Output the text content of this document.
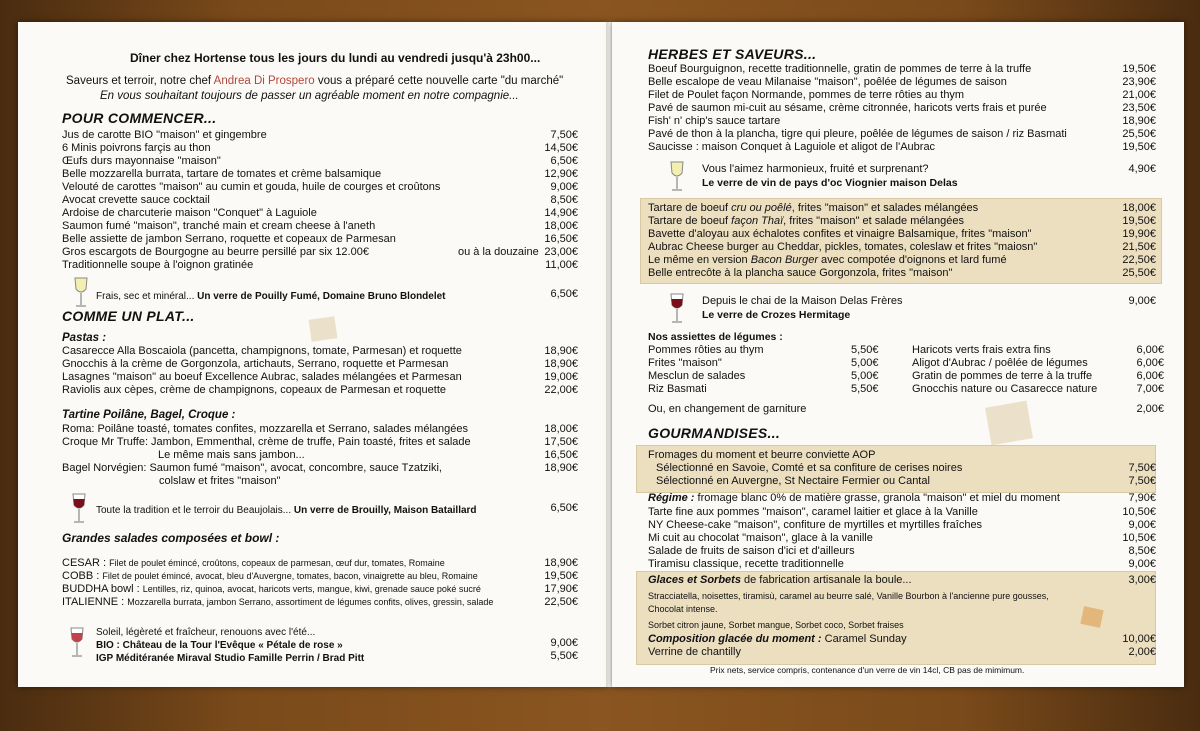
Dîner chez Hortense tous les jours du lundi au vendredi jusqu'à 23h00...
Saveurs et terroir, notre chef Andrea Di Prospero vous a préparé cette nouvelle carte "du marché"
En vous souhaitant toujours de passer un agréable moment en notre compagnie...
POUR COMMENCER...
Jus de carotte BIO "maison" et gingembre	7,50€
6 Minis poivrons farçis au thon	14,50€
Œufs durs mayonnaise "maison"	6,50€
Belle mozzarella burrata, tartare de tomates et crème balsamique	12,90€
Velouté de carottes "maison" au cumin et gouda, huile de courges et croûtons	9,00€
Avocat crevette sauce cocktail	8,50€
Ardoise de charcuterie maison "Conquet" à Laguiole	14,90€
Saumon fumé "maison", tranché main et cream cheese à l'aneth	18,00€
Belle assiette de jambon Serrano, roquette et copeaux de Parmesan	16,50€
Gros escargots de Bourgogne au beurre persillé par six 12.00€	ou à la douzaine 23,00€
Traditionnelle soupe à l'oignon gratinée	11,00€
Frais, sec et minéral... Un verre de Pouilly Fumé, Domaine Bruno Blondelet	6,50€
COMME UN PLAT...
Pastas :
Casarecce Alla Boscaiola (pancetta, champignons, tomate, Parmesan) et roquette	18,90€
Gnocchis à la crème de Gorgonzola, artichauts, Serrano, roquette et Parmesan	18,90€
Lasagnes "maison" au boeuf Excellence Aubrac, salades mélangées et Parmesan	19,00€
Raviolis aux cèpes, crème de champignons, copeaux de Parmesan et roquette	22,00€
Tartine Poilâne, Bagel, Croque :
Roma: Poilâne toasté, tomates confites, mozzarella et Serrano, salades mélangées	18,00€
Croque Mr Truffe: Jambon, Emmenthal, crème de truffe, Pain toasté, frites et salade	17,50€
Le même mais sans jambon...	16,50€
Bagel Norvégien: Saumon fumé "maison", avocat, concombre, sauce Tzatziki,	18,90€
colslaw et frites "maison"
Toute la tradition et le terroir du Beaujolais... Un verre de Brouilly, Maison Bataillard	6,50€
Grandes salades composées et bowl :
CESAR : Filet de poulet émincé, croûtons, copeaux de parmesan, œuf dur, tomates, Romaine	18,90€
COBB : Filet de poulet émincé, avocat, bleu d'Auvergne, tomates, bacon, vinaigrette au bleu, Romaine	19,50€
BUDDHA bowl : Lentilles, riz, quinoa, avocat, haricots verts, mangue, kiwi, grenade sauce poké sucré	17,90€
ITALIENNE : Mozzarella burrata, jambon Serrano, assortiment de légumes confits, olives, gressin, salade	22,50€
Soleil, légèreté et fraîcheur, renouons avec l'été...
BIO : Château de la Tour l'Evêque « Pétale de rose »	9,00€
IGP Méditéranée Miraval Studio Famille Perrin / Brad Pitt	5,50€
HERBES ET SAVEURS...
Boeuf Bourguignon, recette traditionnelle, gratin de pommes de terre à la truffe	19,50€
Belle escalope de veau Milanaise "maison", poêlée de légumes de saison	23,90€
Filet de Poulet façon Normande, pommes de terre rôties au thym	21,00€
Pavé de saumon mi-cuit au sésame, crème citronnée, haricots verts frais et purée	23,50€
Fish' n' chip's sauce tartare	18,90€
Pavé de thon à la plancha, tigre qui pleure, poêlée de légumes de saison / riz Basmati	25,50€
Saucisse : maison Conquet à Laguiole et aligot de l'Aubrac	19,50€
Vous l'aimez harmonieux, fruité et surprenant?
Le verre de vin de pays d'oc Viognier maison Delas
4,90€
Tartare de boeuf cru ou poêlé, frites "maison" et salades mélangées	18,00€
Tartare de boeuf façon Thaï, frites "maison" et salade mélangées	19,50€
Bavette d'aloyau aux échalotes confites et vinaigre Balsamique, frites "maison"	19,90€
Aubrac Cheese burger au Cheddar, pickles, tomates, coleslaw et frites "maiosn"	21,50€
Le même en version Bacon Burger avec compotée d'oignons et lard fumé	22,50€
Belle entrecôte à la plancha sauce Gorgonzola, frites "maison"	25,50€
Depuis le chai de la Maison Delas Frères
Le verre de Crozes Hermitage
9,00€
Nos assiettes de légumes :
Pommes rôties au thym	5,50€
Frites "maison"	5,00€
Mesclun de salades	5,00€
Riz Basmati	5,50€
Haricots verts frais extra fins	6,00€
Aligot d'Aubrac / poêlée de légumes	6,00€
Gratin de pommes de terre à la truffe	6,00€
Gnocchis nature ou Casarecce nature	7,00€
Ou, en changement de garniture	2,00€
GOURMANDISES...
Fromages du moment et beurre conviette AOP
Sélectionné en Savoie, Comté et sa confiture de cerises noires	7,50€
Sélectionné en Auvergne, St Nectaire Fermier ou Cantal	7,50€
Régime : fromage blanc 0% de matière grasse, granola "maison" et miel du moment	7,90€
Tarte fine aux pommes "maison", caramel laitier et glace à la Vanille	10,50€
NY Cheese-cake "maison", confiture de myrtilles et myrtilles fraîches	9,00€
Mi cuit au chocolat "maison", glace à la vanille	10,50€
Salade de fruits de saison d'ici et d'ailleurs	8,50€
Tiramisu classique, recette traditionnelle	9,00€
Glaces et Sorbets de fabrication artisanale la boule...	3,00€
Stracciatella, noisettes, tiramisù, caramel au beurre salé, Vanille Bourbon à l'ancienne pure gousses,
Chocolat intense.
Sorbet citron jaune, Sorbet mangue, Sorbet coco, Sorbet fraises
Composition glacée du moment : Caramel Sunday	10,00€
Verrine de chantilly	2,00€
Prix nets, service compris, contenance d'un verre de vin 14cl, CB pas de mimimum.
